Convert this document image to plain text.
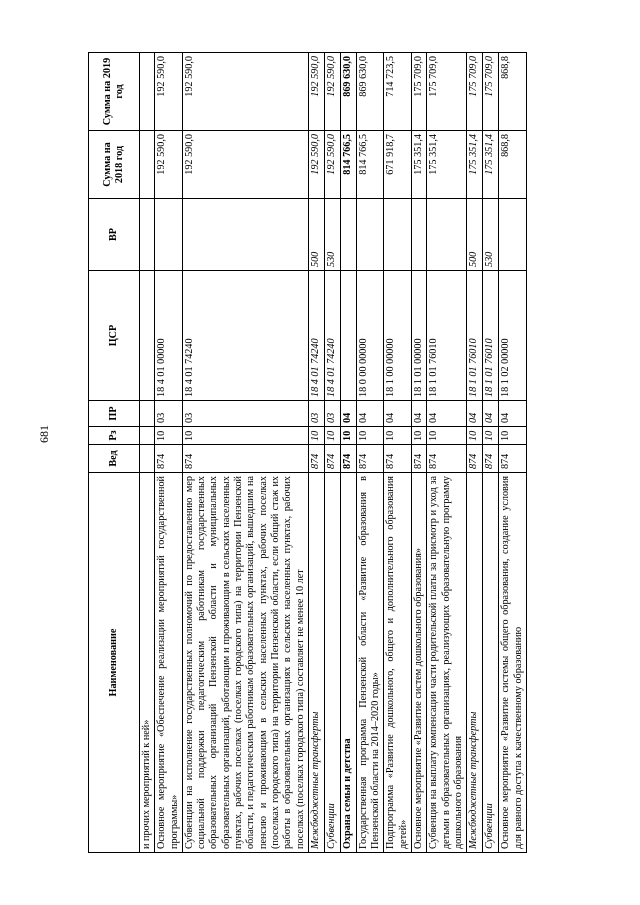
681
Наименование	Вед	Рз	ПР	ЦСР	ВР	Сумма на 2018 год	Сумма на 2019 год
и прочих мероприятий к ней»							
Основное мероприятие «Обеспечение реализации мероприятий государственной программы»	874	10	03	18 4 01 00000		192 590,0	192 590,0
Субвенции на исполнение государственных полномочий по предоставлению мер социальной поддержки педагогическим работникам государственных образовательных организаций Пензенской области и муниципальных образовательных организаций, работающим и проживающим в сельских населенных пунктах, рабочих поселках (поселках городского типа) на территории Пензенской области, и педагогическим работникам образовательных организаций, вышедшим на пенсию и проживающим в сельских населенных пунктах, рабочих поселках (поселках городского типа) на территории Пензенской области, если общий стаж их работы в образовательных организациях в сельских населенных пунктах, рабочих поселках (поселках городского типа) составляет не менее 10 лет	874	10	03	18 4 01 74240		192 590,0	192 590,0
Межбюджетные трансферты	874	10	03	18 4 01 74240	500	192 590,0	192 590,0
Субвенции	874	10	03	18 4 01 74240	530	192 590,0	192 590,0
Охрана семьи и детства	874	10	04			814 766,5	869 630,0
Государственная программа Пензенской области «Развитие образования в Пензенской области на 2014–2020 годы»	874	10	04	18 0 00 00000		814 766,5	869 630,0
Подпрограмма «Развитие дошкольного, общего и дополнительного образования детей»	874	10	04	18 1 00 00000		671 918,7	714 723,5
Основное мероприятие «Развитие систем дошкольного образования»	874	10	04	18 1 01 00000		175 351,4	175 709,0
Субвенция на выплату компенсации части родительской платы за присмотр и уход за детьми в образовательных организациях, реализующих образовательную программу дошкольного образования	874	10	04	18 1 01 76010		175 351,4	175 709,0
Межбюджетные трансферты	874	10	04	18 1 01 76010	500	175 351,4	175 709,0
Субвенции	874	10	04	18 1 01 76010	530	175 351,4	175 709,0
Основное мероприятие «Развитие системы общего образования, создание условия для равного доступа к качественному образованию	874	10	04	18 1 02 00000		868,8	868,8
